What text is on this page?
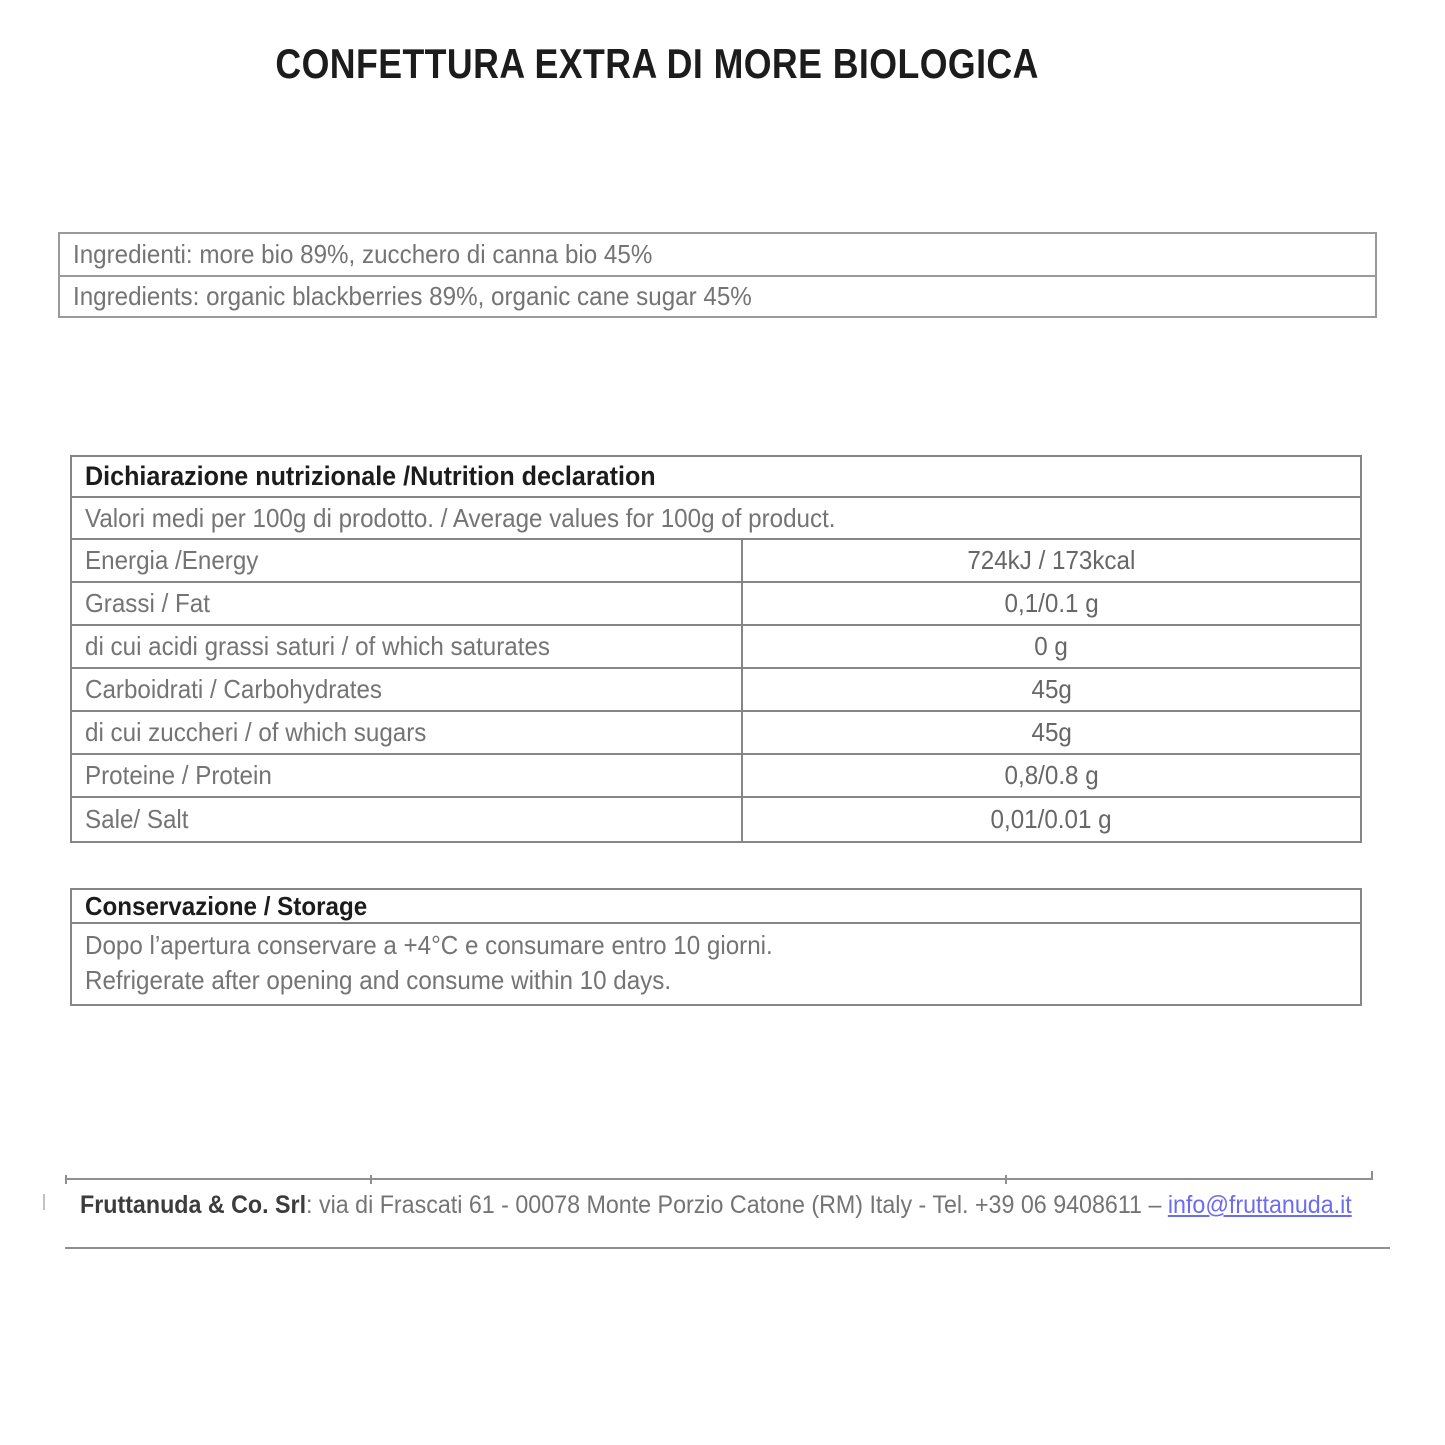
CONFETTURA EXTRA DI MORE BIOLOGICA
Ingredienti: more bio 89%, zucchero di canna bio 45%
Ingredients: organic blackberries 89%, organic cane sugar 45%
Dichiarazione nutrizionale /Nutrition declaration
Valori medi per 100g di prodotto. / Average values for 100g of product.
Energia /Energy	724kJ / 173kcal
Grassi / Fat	0,1/0.1 g
di cui acidi grassi saturi / of which saturates	0 g
Carboidrati / Carbohydrates	45g
di cui zuccheri / of which sugars	45g
Proteine / Protein	0,8/0.8 g
Sale/ Salt	0,01/0.01 g
Conservazione / Storage
Dopo l’apertura conservare a +4°C e consumare entro 10 giorni.
Refrigerate after opening and consume within 10 days.
Fruttanuda & Co. Srl: via di Frascati 61 - 00078 Monte Porzio Catone (RM) Italy - Tel. +39 06 9408611 – info@fruttanuda.it
